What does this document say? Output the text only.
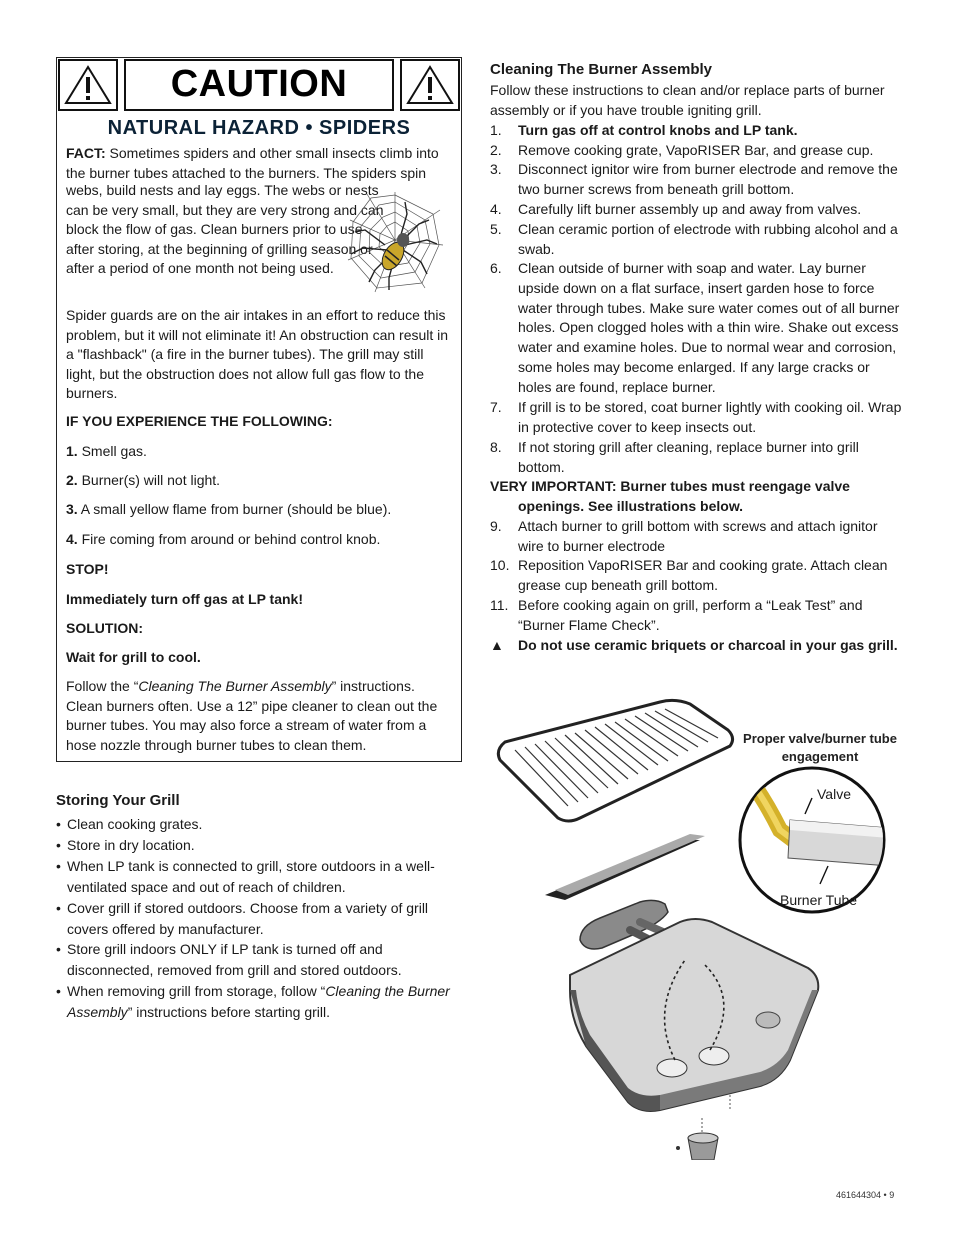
CAUTION
NATURAL HAZARD • SPIDERS
FACT: Sometimes spiders and other small insects climb into the burner tubes attached to the burners. The spiders spin
webs, build nests and lay eggs. The webs or nests can be very small, but they are very strong and can block the flow of gas. Clean burners prior to use after storing, at the beginning of grilling season or after a period of one month not being used.
Spider guards are on the air intakes in an effort to reduce this problem, but it will not eliminate it! An obstruction can result in a "flashback" (a fire in the burner tubes). The grill may still light, but the obstruction does not allow full gas flow to the burners.
IF YOU EXPERIENCE THE FOLLOWING:
1. Smell gas.
2. Burner(s) will not light.
3. A small yellow flame from burner (should be blue).
4. Fire coming from around or behind control knob.
STOP!
Immediately turn off gas at LP tank!
SOLUTION:
Wait for grill to cool.
Follow the “Cleaning The Burner Assembly” instructions. Clean burners often. Use a 12” pipe cleaner to clean out the burner tubes. You may also force a stream of water from a hose nozzle through burner tubes to clean them.
Storing Your Grill
• Clean cooking grates.
• Store in dry location.
• When LP tank is connected to grill, store outdoors in a well-ventilated space and out of reach of children.
• Cover grill if stored outdoors. Choose from a variety of grill covers offered by manufacturer.
• Store grill indoors ONLY if LP tank is turned off and disconnected, removed from grill and stored outdoors.
• When removing grill from storage, follow “Cleaning the Burner Assembly” instructions before starting grill.
Cleaning The Burner Assembly
Follow these instructions to clean and/or replace parts of burner assembly or if you have trouble igniting grill.
1.	Turn gas off at control knobs and LP tank.
2.	Remove cooking grate, VapoRISER Bar, and grease cup.
3.	Disconnect ignitor wire from burner electrode and remove the two burner screws from beneath grill bottom.
4.	Carefully lift burner assembly up and away from valves.
5.	Clean ceramic portion of electrode with rubbing alcohol and a swab.
6.	Clean outside of burner with soap and water. Lay burner upside down on a flat surface, insert garden hose to force water through tubes. Make sure water comes out of all burner holes. Open clogged holes with a thin wire. Shake out excess water and examine holes. Due to normal wear and corrosion, some holes may become enlarged. If any large cracks or holes are found, replace burner.
7.	If grill is to be stored, coat burner lightly with cooking oil. Wrap in protective cover to keep insects out.
8.	If not storing grill after cleaning, replace burner into grill bottom.
VERY IMPORTANT: Burner tubes must reengage valve
openings. See illustrations below.
9.	Attach burner to grill bottom with screws and attach ignitor wire to burner electrode
10. Reposition VapoRISER Bar and cooking grate. Attach clean grease cup beneath grill bottom.
11. Before cooking again on grill, perform a “Leak Test” and “Burner Flame Check”.
▲	Do not use ceramic briquets or charcoal in your gas grill.
Proper valve/burner tube
engagement
Valve
Burner Tube
461644304 • 9
